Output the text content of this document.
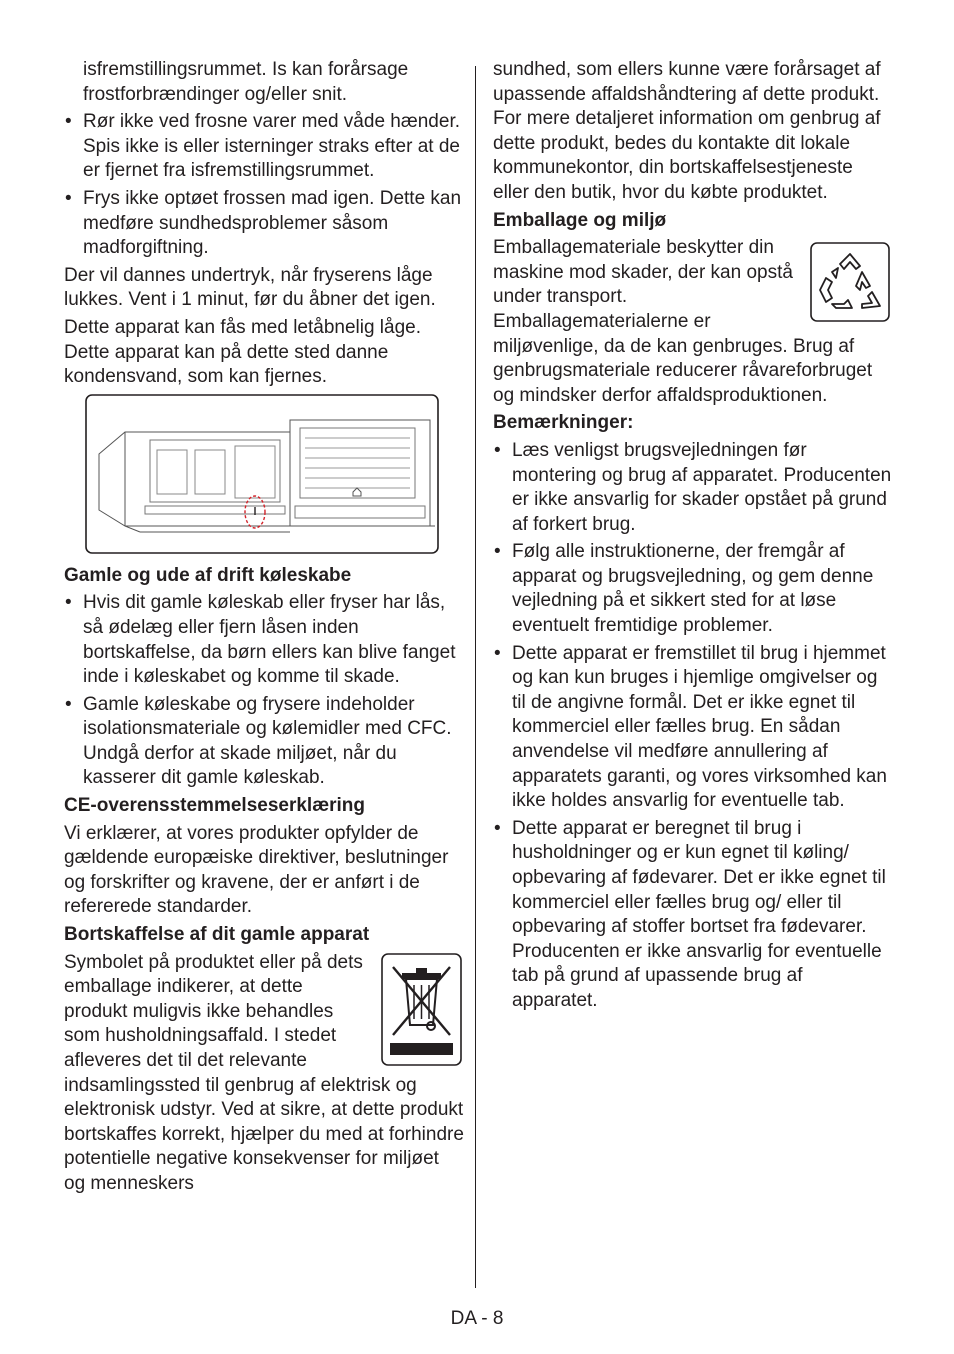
isfremstillingsrummet. Is kan forårsage frostforbrændinger og/eller snit.

• Rør ikke ved frosne varer med våde hænder. Spis ikke is eller isterninger straks efter at de er fjernet fra isfremstillingsrummet.
• Frys ikke optøet frossen mad igen. Dette kan medføre sundhedsproblemer såsom madforgiftning.

Der vil dannes undertryk, når fryserens låge lukkes. Vent i 1 minut, før du åbner det igen.

Dette apparat kan fås med letåbnelig låge. Dette apparat kan på dette sted danne kondensvand, som kan fjernes.

Gamle og ude af drift køleskabe
• Hvis dit gamle køleskab eller fryser har lås, så ødelæg eller fjern låsen inden bortskaffelse, da børn ellers kan blive fanget inde i køleskabet og komme til skade.
• Gamle køleskabe og frysere indeholder isolationsmateriale og kølemidler med CFC. Undgå derfor at skade miljøet, når du kasserer dit gamle køleskab.
CE-overensstemmelseserklæring

Vi erklærer, at vores produkter opfylder de gældende europæiske direktiver, beslutninger og forskrifter og kravene, der er anført i de refererede standarder.

Bortskaffelse af dit gamle apparat

Symbolet på produktet eller på dets emballage indikerer, at dette produkt muligvis ikke behandles som husholdningsaffald. I stedet afleveres det til det relevante indsamlingssted til genbrug af elektrisk og elektronisk udstyr. Ved at sikre, at dette produkt bortskaffes korrekt, hjælper du med at forhindre potentielle negative konsekvenser for miljøet og menneskers

sundhed, som ellers kunne være forårsaget af upassende affaldshåndtering af dette produkt. For mere detaljeret information om genbrug af dette produkt, bedes du kontakte dit lokale kommunekontor, din bortskaffelsestjeneste eller den butik, hvor du købte produktet.

Emballage og miljø

Emballagemateriale beskytter din maskine mod skader, der kan opstå under transport. Emballagematerialerne er miljøvenlige, da de kan genbruges. Brug af genbrugsmateriale reducerer råvareforbruget og mindsker derfor affaldsproduktionen.

Bemærkninger:
• Læs venligst brugsvejledningen før montering og brug af apparatet. Producenten er ikke ansvarlig for skader opstået på grund af forkert brug.
• Følg alle instruktionerne, der fremgår af apparat og brugsvejledning, og gem denne vejledning på et sikkert sted for at løse eventuelt fremtidige problemer.
• Dette apparat er fremstillet til brug i hjemmet og kan kun bruges i hjemlige omgivelser og til de angivne formål. Det er ikke egnet til kommerciel eller fælles brug. En sådan anvendelse vil medføre annullering af apparatets garanti, og vores virksomhed kan ikke holdes ansvarlig for eventuelle tab.
• Dette apparat er beregnet til brug i husholdninger og er kun egnet til køling/ opbevaring af fødevarer. Det er ikke egnet til kommerciel eller fælles brug og/ eller til opbevaring af stoffer bortset fra fødevarer. Producenten er ikke ansvarlig for eventuelle tab på grund af upassende brug af apparatet.
DA - 8
